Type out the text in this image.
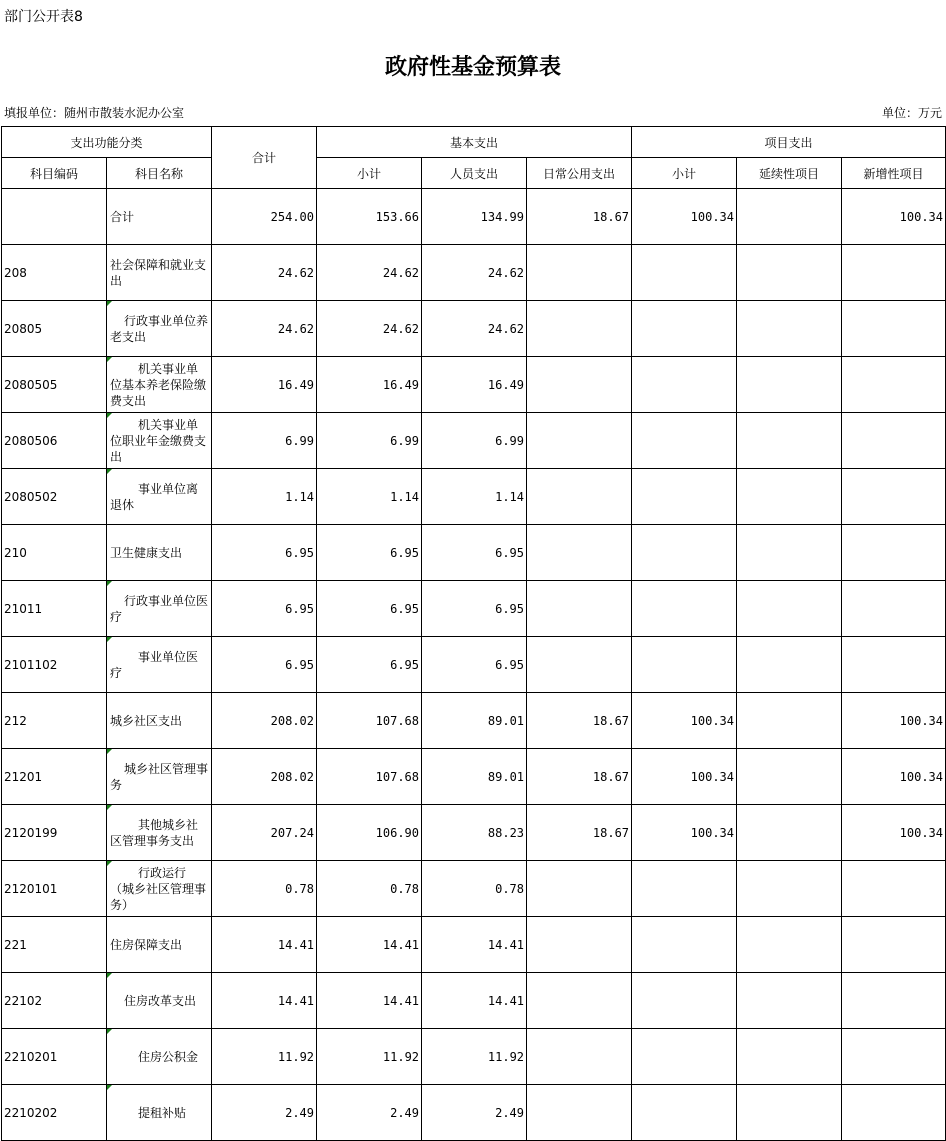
部门公开表8
政府性基金预算表
填报单位：随州市散装水泥办公室	单位：万元
支出功能分类		合计	基本支出			项目支出		
科目编码	科目名称		小计	人员支出	日常公用支出	小计	延续性项目	新增性项目
	合计	254.00	153.66	134.99	18.67	100.34		100.34
208	社会保障和就业支出	24.62	24.62	24.62				
20805	行政事业单位养老支出	24.62	24.62	24.62				
2080505	机关事业单位基本养老保险缴费支出	16.49	16.49	16.49				
2080506	机关事业单位职业年金缴费支出	6.99	6.99	6.99				
2080502	事业单位离退休	1.14	1.14	1.14				
210	卫生健康支出	6.95	6.95	6.95				
21011	行政事业单位医疗	6.95	6.95	6.95				
2101102	事业单位医疗	6.95	6.95	6.95				
212	城乡社区支出	208.02	107.68	89.01	18.67	100.34		100.34
21201	城乡社区管理事务	208.02	107.68	89.01	18.67	100.34		100.34
2120199	其他城乡社区管理事务支出	207.24	106.90	88.23	18.67	100.34		100.34
2120101	行政运行（城乡社区管理事务）	0.78	0.78	0.78				
221	住房保障支出	14.41	14.41	14.41				
22102	住房改革支出	14.41	14.41	14.41				
2210201	住房公积金	11.92	11.92	11.92				
2210202	提租补贴	2.49	2.49	2.49				
